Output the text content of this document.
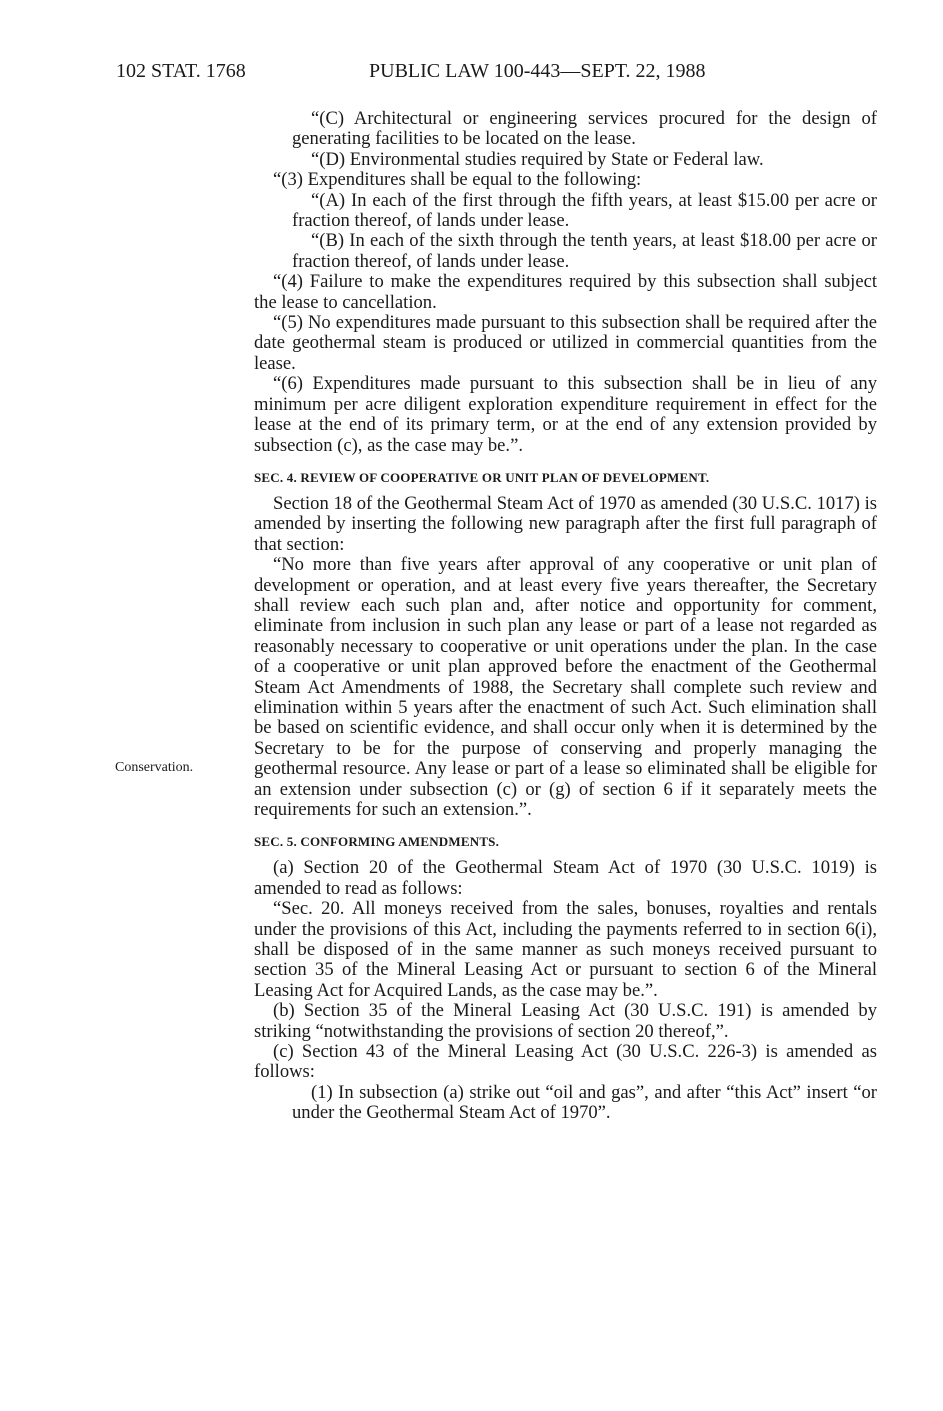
102 STAT. 1768	PUBLIC LAW 100-443—SEPT. 22, 1988
Conservation.

“(C) Architectural or engineering services procured for the design of generating facilities to be located on the lease.

“(D) Environmental studies required by State or Federal law.

“(3) Expenditures shall be equal to the following:

“(A) In each of the first through the fifth years, at least $15.00 per acre or fraction thereof, of lands under lease.

“(B) In each of the sixth through the tenth years, at least $18.00 per acre or fraction thereof, of lands under lease.

“(4) Failure to make the expenditures required by this subsection shall subject the lease to cancellation.

“(5) No expenditures made pursuant to this subsection shall be required after the date geothermal steam is produced or utilized in commercial quantities from the lease.

“(6) Expenditures made pursuant to this subsection shall be in lieu of any minimum per acre diligent exploration expenditure requirement in effect for the lease at the end of its primary term, or at the end of any extension provided by subsection (c), as the case may be.”.

SEC. 4. REVIEW OF COOPERATIVE OR UNIT PLAN OF DEVELOPMENT.

Section 18 of the Geothermal Steam Act of 1970 as amended (30 U.S.C. 1017) is amended by inserting the following new paragraph after the first full paragraph of that section:

“No more than five years after approval of any cooperative or unit plan of development or operation, and at least every five years thereafter, the Secretary shall review each such plan and, after notice and opportunity for comment, eliminate from inclusion in such plan any lease or part of a lease not regarded as reasonably necessary to cooperative or unit operations under the plan. In the case of a cooperative or unit plan approved before the enactment of the Geothermal Steam Act Amendments of 1988, the Secretary shall complete such review and elimination within 5 years after the enactment of such Act. Such elimination shall be based on scientific evidence, and shall occur only when it is determined by the Secretary to be for the purpose of conserving and properly managing the geothermal resource. Any lease or part of a lease so eliminated shall be eligible for an extension under subsection (c) or (g) of section 6 if it separately meets the requirements for such an extension.”.

SEC. 5. CONFORMING AMENDMENTS.

(a) Section 20 of the Geothermal Steam Act of 1970 (30 U.S.C. 1019) is amended to read as follows:

“Sec. 20. All moneys received from the sales, bonuses, royalties and rentals under the provisions of this Act, including the payments referred to in section 6(i), shall be disposed of in the same manner as such moneys received pursuant to section 35 of the Mineral Leasing Act or pursuant to section 6 of the Mineral Leasing Act for Acquired Lands, as the case may be.”.

(b) Section 35 of the Mineral Leasing Act (30 U.S.C. 191) is amended by striking “notwithstanding the provisions of section 20 thereof,”.

(c) Section 43 of the Mineral Leasing Act (30 U.S.C. 226-3) is amended as follows:

(1) In subsection (a) strike out “oil and gas”, and after “this Act” insert “or under the Geothermal Steam Act of 1970”.
